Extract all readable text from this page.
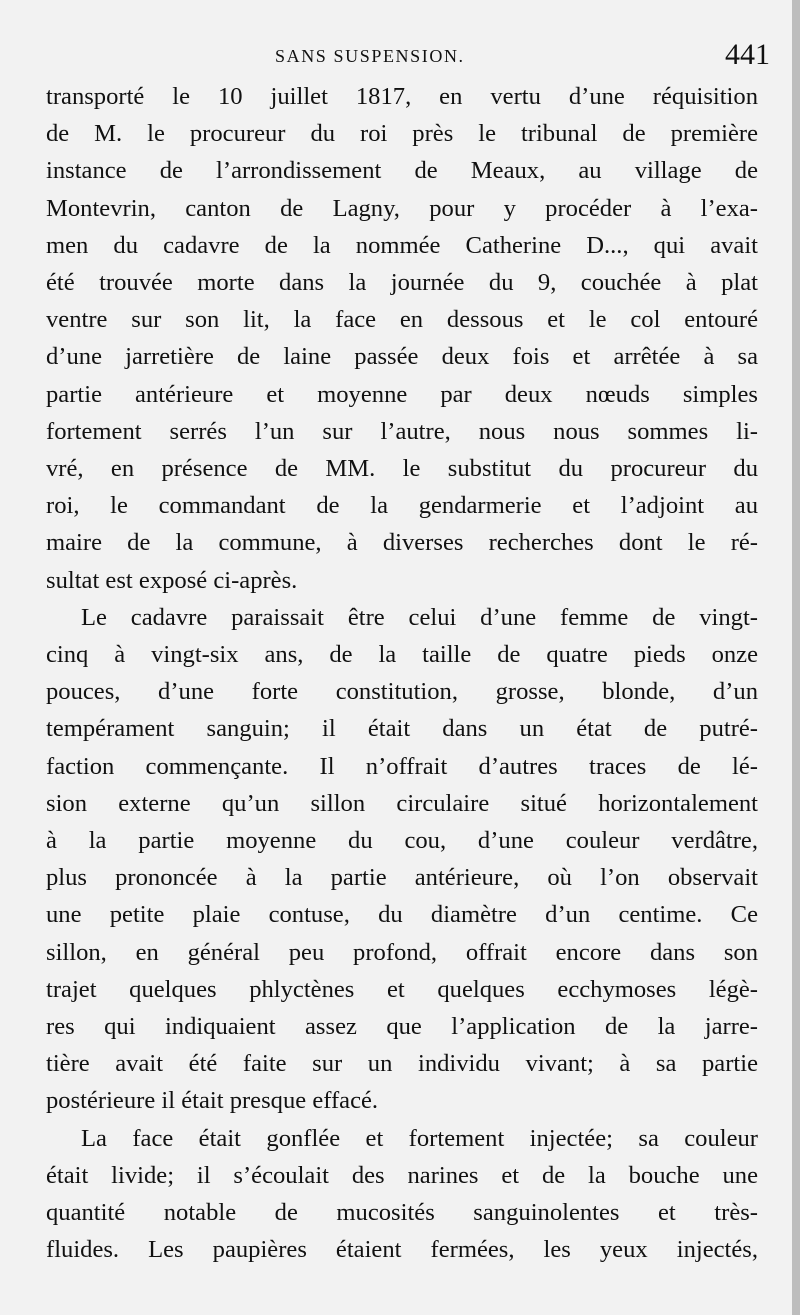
SANS SUSPENSION.	441
transporté le 10 juillet 1817, en vertu d’une réquisition
de M. le procureur du roi près le tribunal de première
instance de l’arrondissement de Meaux, au village de
Montevrin, canton de Lagny, pour y procéder à l’exa-
men du cadavre de la nommée Catherine D..., qui avait
été trouvée morte dans la journée du 9, couchée à plat
ventre sur son lit, la face en dessous et le col entouré
d’une jarretière de laine passée deux fois et arrêtée à sa
partie antérieure et moyenne par deux nœuds simples
fortement serrés l’un sur l’autre, nous nous sommes li-
vré, en présence de MM. le substitut du procureur du
roi, le commandant de la gendarmerie et l’adjoint au
maire de la commune, à diverses recherches dont le ré-
sultat est exposé ci-après.
Le cadavre paraissait être celui d’une femme de vingt-
cinq à vingt-six ans, de la taille de quatre pieds onze
pouces, d’une forte constitution, grosse, blonde, d’un
tempérament sanguin; il était dans un état de putré-
faction commençante. Il n’offrait d’autres traces de lé-
sion externe qu’un sillon circulaire situé horizontalement
à la partie moyenne du cou, d’une couleur verdâtre,
plus prononcée à la partie antérieure, où l’on observait
une petite plaie contuse, du diamètre d’un centime. Ce
sillon, en général peu profond, offrait encore dans son
trajet quelques phlyctènes et quelques ecchymoses légè-
res qui indiquaient assez que l’application de la jarre-
tière avait été faite sur un individu vivant; à sa partie
postérieure il était presque effacé.
La face était gonflée et fortement injectée; sa couleur
était livide; il s’écoulait des narines et de la bouche une
quantité notable de mucosités sanguinolentes et très-
fluides. Les paupières étaient fermées, les yeux injectés,
